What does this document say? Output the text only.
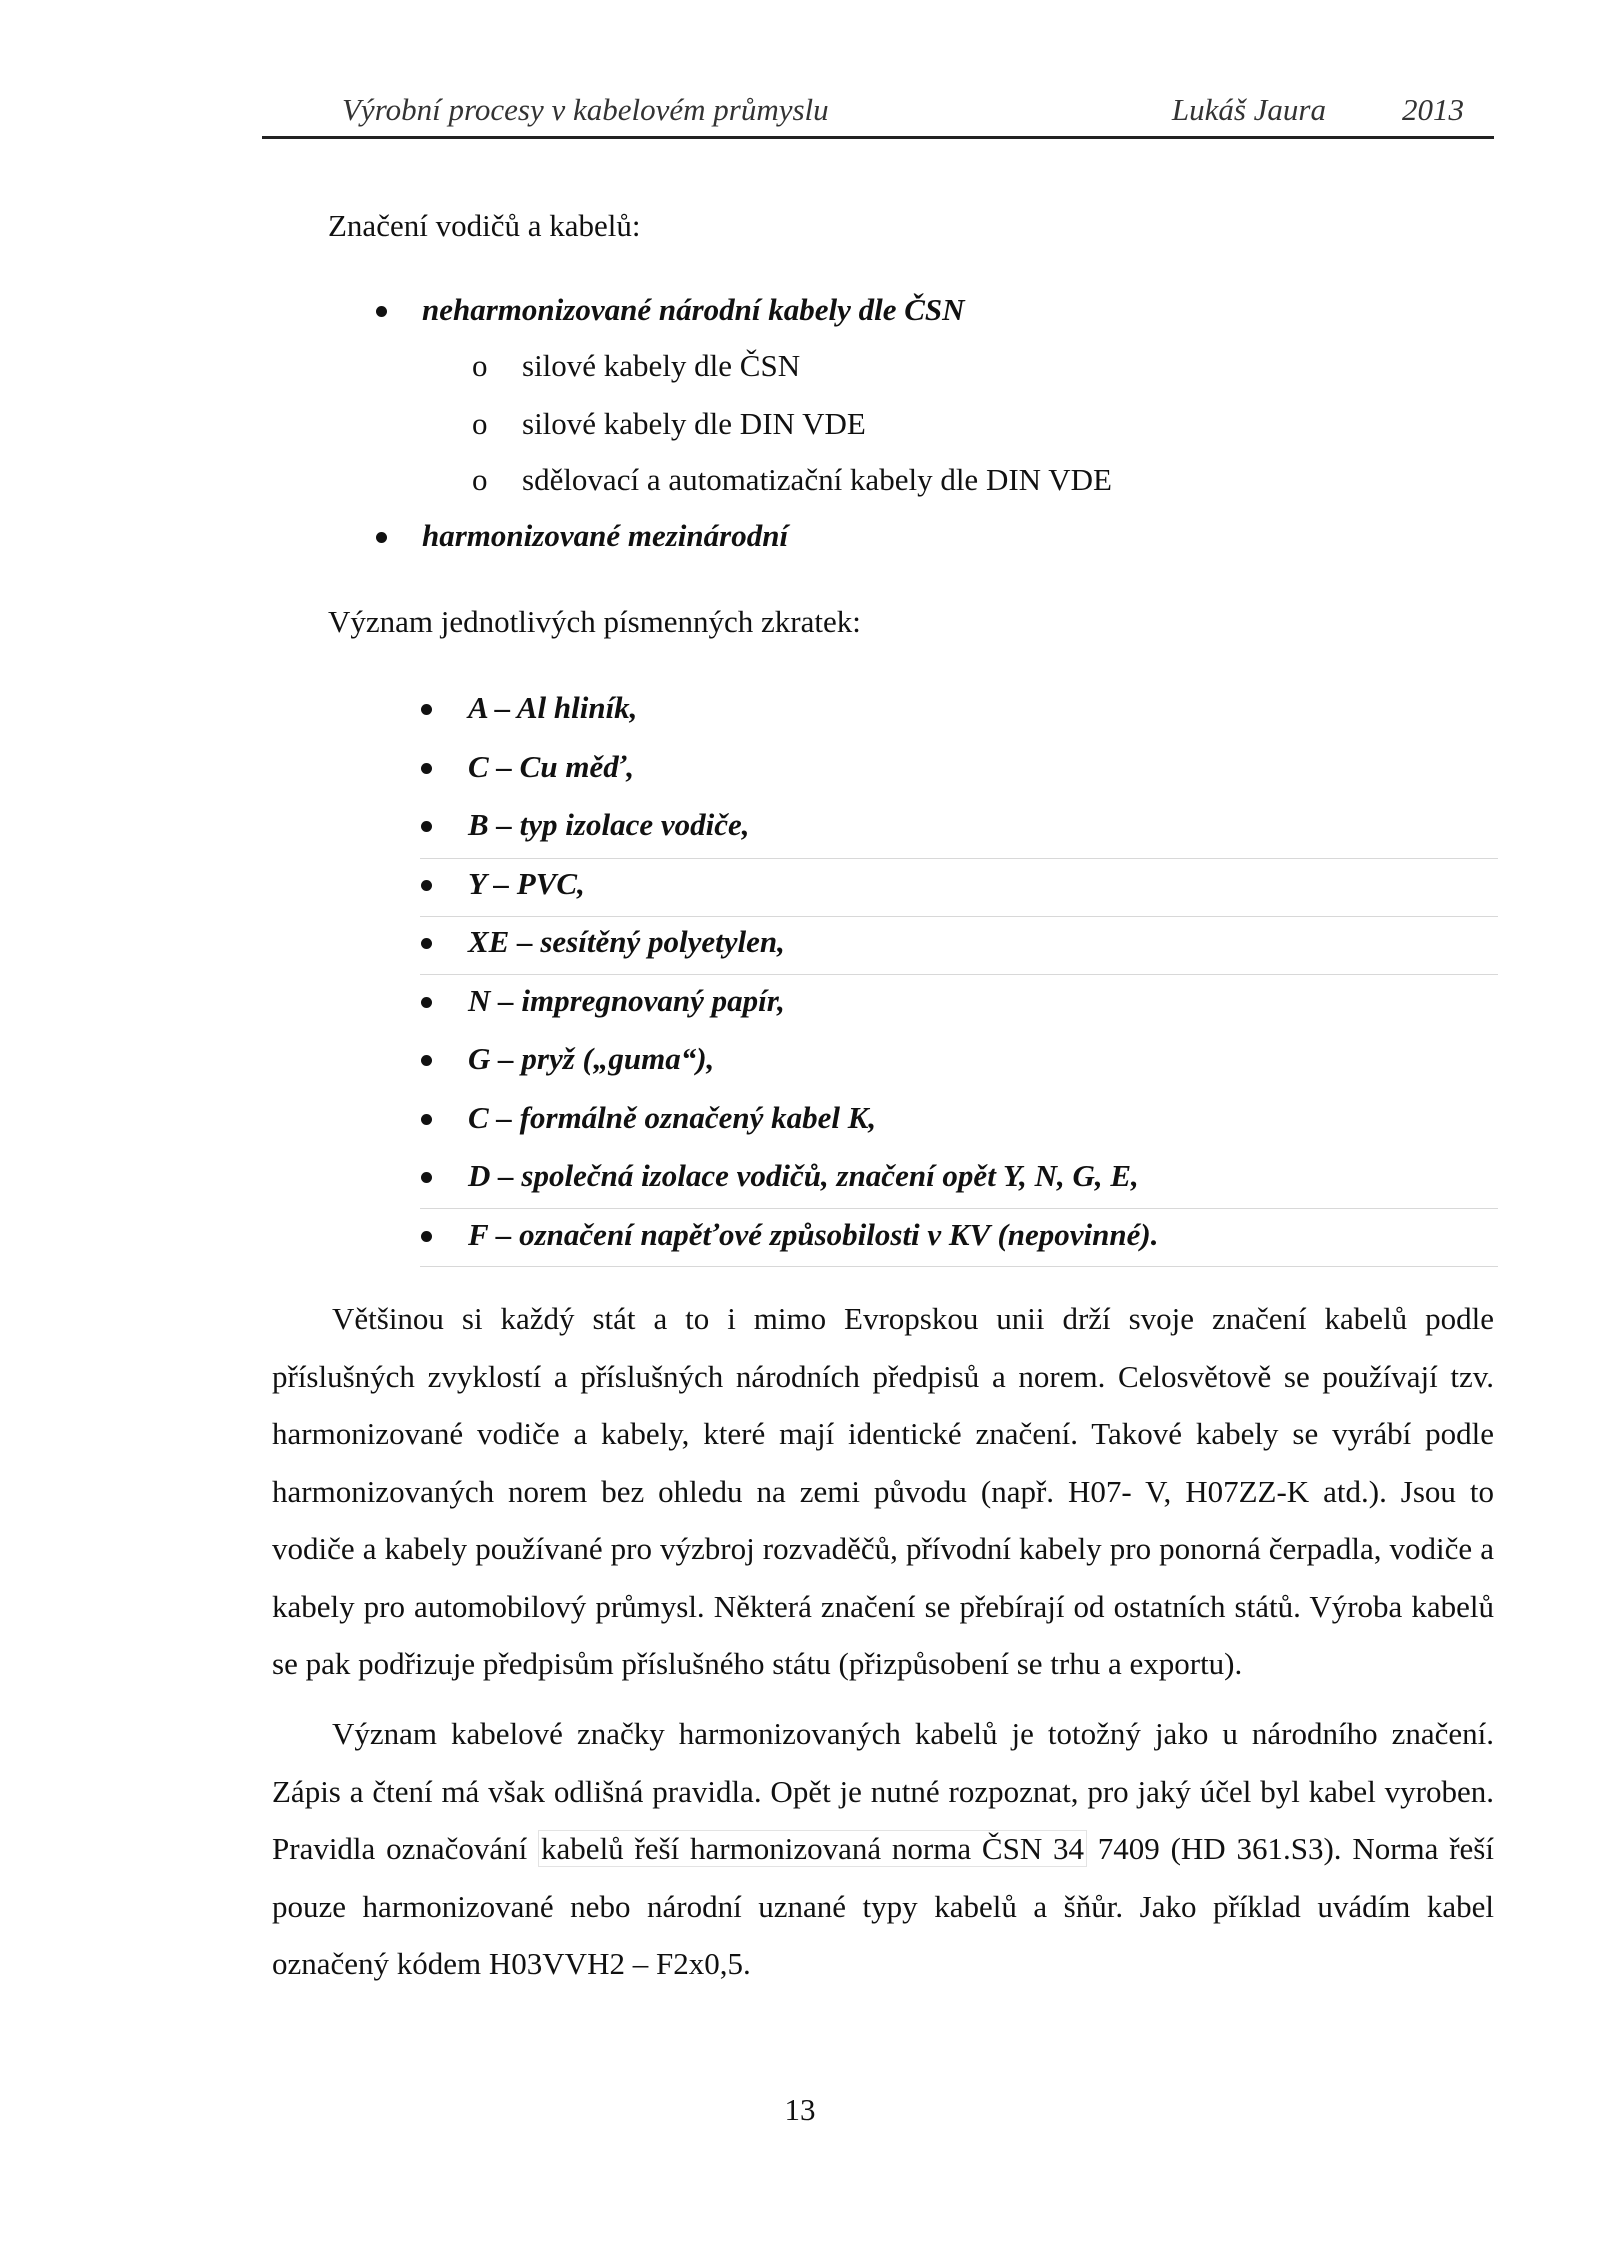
Výrobní procesy v kabelovém průmyslu	Lukáš Jaura 2013
Značení vodičů a kabelů:
neharmonizované národní kabely dle ČSN
o silové kabely dle ČSN
o silové kabely dle DIN VDE
o sdělovací a automatizační kabely dle DIN VDE
harmonizované mezinárodní
Význam jednotlivých písmenných zkratek:
A – Al hliník,
C – Cu měď,
B – typ izolace vodiče,
Y – PVC,
XE – sesítěný polyetylen,
N – impregnovaný papír,
G – pryž („guma“),
C – formálně označený kabel K,
D – společná izolace vodičů, značení opět Y, N, G, E,
F – označení napěťové způsobilosti v KV (nepovinné).

Většinou si každý stát a to i mimo Evropskou unii drží svoje značení kabelů podle příslušných zvyklostí a příslušných národních předpisů a norem. Celosvětově se používají tzv. harmonizované vodiče a kabely, které mají identické značení. Takové kabely se vyrábí podle harmonizovaných norem bez ohledu na zemi původu (např. H07- V, H07ZZ-K atd.). Jsou to vodiče a kabely používané pro výzbroj rozvaděčů, přívodní kabely pro ponorná čerpadla, vodiče a kabely pro automobilový průmysl. Některá značení se přebírají od ostatních států. Výroba kabelů se pak podřizuje předpisům příslušného státu (přizpůsobení se trhu a exportu).

Význam kabelové značky harmonizovaných kabelů je totožný jako u národního značení. Zápis a čtení má však odlišná pravidla. Opět je nutné rozpoznat, pro jaký účel byl kabel vyroben. Pravidla označování kabelů řeší harmonizovaná norma ČSN 34 7409 (HD 361.S3). Norma řeší pouze harmonizované nebo národní uznané typy kabelů a šňůr. Jako příklad uvádím kabel označený kódem H03VVH2 – F2x0,5.

13
